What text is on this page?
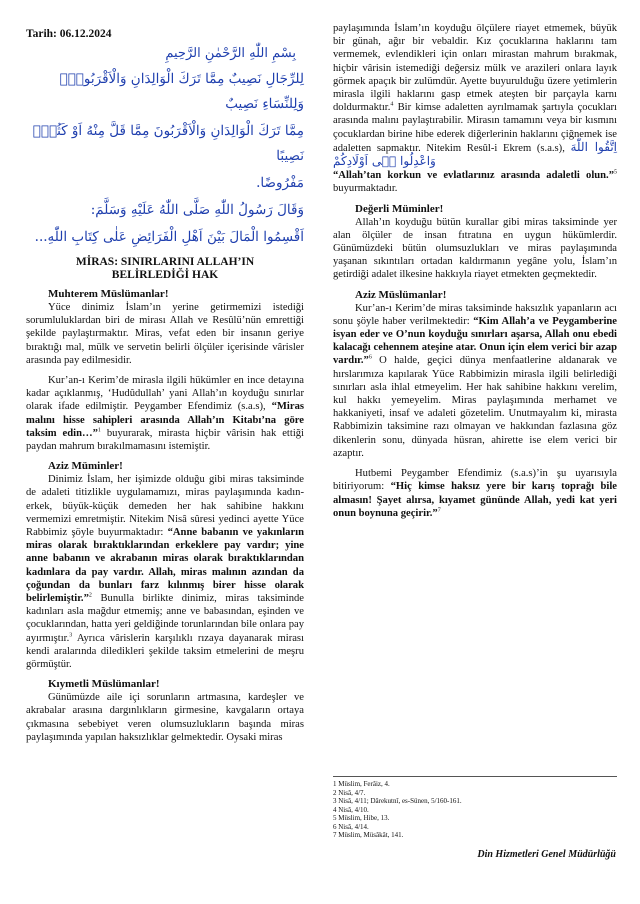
Tarih: 06.12.2024
بِسْمِ اللّٰهِ الرَّحْمٰنِ الرَّحِيمِ
لِلرِّجَالِ نَصِيبٌ مِمَّا تَرَكَ الْوَالِدَانِ وَالْاَقْرَبُونَۖ وَلِلنِّسَاءِ نَصِيبٌ
مِمَّا تَرَكَ الْوَالِدَانِ وَالْاَقْرَبُونَ مِمَّا قَلَّ مِنْهُ اَوْ كَثُرَۜ نَصِيبًا
مَفْرُوضًا.
وَقَالَ رَسُولُ اللّٰهِ صَلَّى اللّٰهُ عَلَيْهِ وَسَلَّمَ:
اَقْسِمُوا الْمَالَ بَيْنَ اَهْلِ الْفَرَائِضِ عَلٰى كِتَابِ اللّٰهِ...
MİRAS: SINIRLARINI ALLAH’IN
BELİRLEDİĞİ HAK
Muhterem Müslümanlar!

Yüce dinimiz İslam’ın yerine getirmemizi istediği sorumluluklardan biri de mirası Allah ve Resûlü’nün emrettiği şekilde paylaştırmaktır. Miras, vefat eden bir insanın geriye bıraktığı mal, mülk ve servetin belirli ölçüler içerisinde vârisler arasında pay edilmesidir.

Kur’an-ı Kerim’de mirasla ilgili hükümler en ince detayına kadar açıklanmış, ‘Hudûdullah’ yani Allah’ın koyduğu sınırlar olarak ifade edilmiştir. Peygamber Efendimiz (s.a.s), “Miras malını hisse sahipleri arasında Allah’ın Kitabı’na göre taksim edin…”$^1$ buyurarak, mirasta hiçbir vârisin hak ettiği paydan mahrum bırakılmamasını istemiştir.

Aziz Müminler!

Dinimiz İslam, her işimizde olduğu gibi miras taksiminde de adaleti titizlikle uygulamamızı, miras paylaşımında kadın-erkek, büyük-küçük demeden her hak sahibine hakkını vermemizi emretmiştir. Nitekim Nisâ sûresi yedinci ayette Yüce Rabbimiz şöyle buyurmaktadır: “Anne babanın ve yakınların miras olarak bıraktıklarından erkeklere pay vardır; yine anne babanın ve akrabanın miras olarak bıraktıklarından kadınlara da pay vardır. Allah, miras malının azından da çoğundan da bunları farz kılınmış birer hisse olarak belirlemiştir.”$^2$ Bunulla birlikte dinimiz, miras taksiminde kadınları asla mağdur etmemiş; anne ve babasından, eşinden ve çocuklarından, hatta yeri geldiğinde torunlarından bile onlara pay ayırmıştır.$^3$ Ayrıca vârislerin karşılıklı rızaya dayanarak mirası kendi aralarında diledikleri şekilde taksim etmelerini de meşru görmüştür.

Kıymetli Müslümanlar!

Günümüzde aile içi sorunların artmasına, kardeşler ve akrabalar arasına dargınlıkların girmesine, kavgaların ortaya çıkmasına sebebiyet veren olumsuzlukların başında miras paylaşımında yapılan haksızlıklar gelmektedir. Oysaki miras

paylaşımında İslam’ın koyduğu ölçülere riayet etmemek, büyük bir günah, ağır bir vebaldir. Kız çocuklarına haklarını tam vermemek, evlendikleri için onları mirastan mahrum bırakmak, hiçbir vârisin istemediği değersiz mülk ve arazileri onlara layık görmek apaçık bir zulümdür. Ayette buyurulduğu üzere yetimlerin mirasla ilgili haklarını gasp etmek ateşten bir parçayla karnı doldurmaktır.$^4$ Bir kimse adaletten ayrılmamak şartıyla çocukları arasında malını paylaştırabilir. Mirasın tamamını veya bir kısmını çocuklardan birine hibe ederek diğerlerinin haklarını çiğnemek ise adaletten sapmaktır. Nitekim Resûl-i Ekrem (s.a.s), اِتَّقُوا اللّٰهَ وَاعْدِلُوا فٖى اَوْلَادِكُمْ
“Allah’tan korkun ve evlatlarınız arasında adaletli olun.”$^5$ buyurmaktadır.

Değerli Müminler!

Allah’ın koyduğu bütün kurallar gibi miras taksiminde yer alan ölçüler de insan fıtratına en uygun hükümlerdir. Günümüzdeki bütün olumsuzlukları ve miras paylaşımında yaşanan sıkıntıları ortadan kaldırmanın yegâne yolu, İslam’ın getirdiği adalet ilkesine hakkıyla riayet etmekten geçmektedir.

Aziz Müslümanlar!

Kur’an-ı Kerim’de miras taksiminde haksızlık yapanların acı sonu şöyle haber verilmektedir: “Kim Allah’a ve Peygamberine isyan eder ve O’nun koyduğu sınırları aşarsa, Allah onu ebedi kalacağı cehennem ateşine atar. Onun için elem verici bir azap vardır.”$^6$ O halde, geçici dünya menfaatlerine aldanarak ve hırslarımıza kapılarak Yüce Rabbimizin mirasla ilgili belirlediği sınırları asla ihlal etmeyelim. Her hak sahibine hakkını verelim, kul hakkı yemeyelim. Miras paylaşımında merhamet ve hakkaniyeti, insaf ve adaleti gözetelim. Unutmayalım ki, mirasta Rabbimizin taksimine razı olmayan ve hakkından fazlasına göz dikenlerin sonu, dünyada hüsran, ahirette ise elem verici bir azaptır.

Hutbemi Peygamber Efendimiz (s.a.s)’in şu uyarısıyla bitiriyorum: “Hiç kimse haksız yere bir karış toprağı bile almasın! Şayet alırsa, kıyamet gününde Allah, yedi kat yeri onun boynuna geçirir.”$^7$

1 Müslim, Ferâiz, 4.
2 Nisâ, 4/7.
3 Nisâ, 4/11; Dârekutnî, es-Sünen, 5/160-161.
4 Nisâ, 4/10.
5 Müslim, Hibe, 13.
6 Nisâ, 4/14.
7 Müslim, Müsâkât, 141.
Din Hizmetleri Genel Müdürlüğü
